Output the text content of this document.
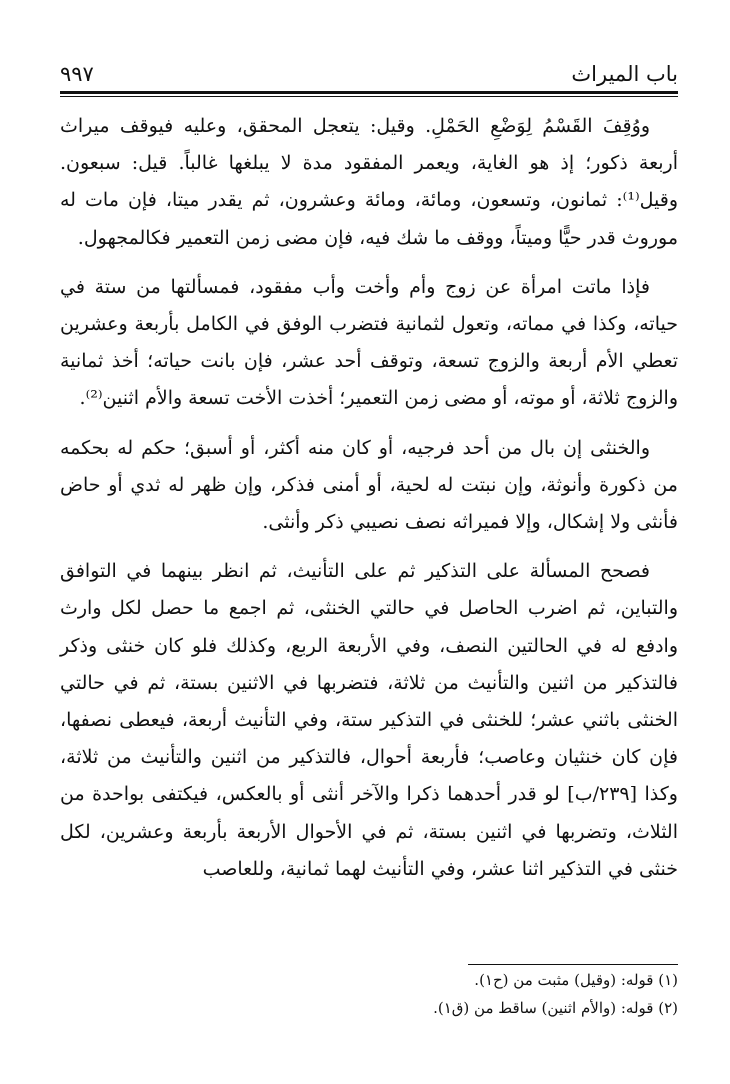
باب الميراث
٩٩٧

ووُقِفَ القَسْمُ لِوَضْعِ الحَمْلِ. وقيل: يتعجل المحقق، وعليه فيوقف ميراث أربعة ذكور؛ إذ هو الغاية، ويعمر المفقود مدة لا يبلغها غالباً. قيل: سبعون. وقيل⁽¹⁾: ثمانون، وتسعون، ومائة، ومائة وعشرون، ثم يقدر ميتا، فإن مات له موروث قدر حيًّا وميتاً، ووقف ما شك فيه، فإن مضى زمن التعمير فكالمجهول.

فإذا ماتت امرأة عن زوج وأم وأخت وأب مفقود، فمسألتها من ستة في حياته، وكذا في مماته، وتعول لثمانية فتضرب الوفق في الكامل بأربعة وعشرين تعطي الأم أربعة والزوج تسعة، وتوقف أحد عشر، فإن بانت حياته؛ أخذ ثمانية والزوج ثلاثة، أو موته، أو مضى زمن التعمير؛ أخذت الأخت تسعة والأم اثنين⁽²⁾.

والخنثى إن بال من أحد فرجيه، أو كان منه أكثر، أو أسبق؛ حكم له بحكمه من ذكورة وأنوثة، وإن نبتت له لحية، أو أمنى فذكر، وإن ظهر له ثدي أو حاض فأنثى ولا إشكال، وإلا فميراثه نصف نصيبي ذكر وأنثى.

فصحح المسألة على التذكير ثم على التأنيث، ثم انظر بينهما في التوافق والتباين، ثم اضرب الحاصل في حالتي الخنثى، ثم اجمع ما حصل لكل وارث وادفع له في الحالتين النصف، وفي الأربعة الربع، وكذلك فلو كان خنثى وذكر فالتذكير من اثنين والتأنيث من ثلاثة، فتضربها في الاثنين بستة، ثم في حالتي الخنثى باثني عشر؛ للخنثى في التذكير ستة، وفي التأنيث أربعة، فيعطى نصفها، فإن كان خنثيان وعاصب؛ فأربعة أحوال، فالتذكير من اثنين والتأنيث من ثلاثة، وكذا [٢٣٩/ب] لو قدر أحدهما ذكرا والآخر أنثى أو بالعكس، فيكتفى بواحدة من الثلاث، وتضربها في اثنين بستة، ثم في الأحوال الأربعة بأربعة وعشرين، لكل خنثى في التذكير اثنا عشر، وفي التأنيث لهما ثمانية، وللعاصب

(١) قوله: (وقيل) مثبت من (ح١).

(٢) قوله: (والأم اثنين) ساقط من (ق١).
